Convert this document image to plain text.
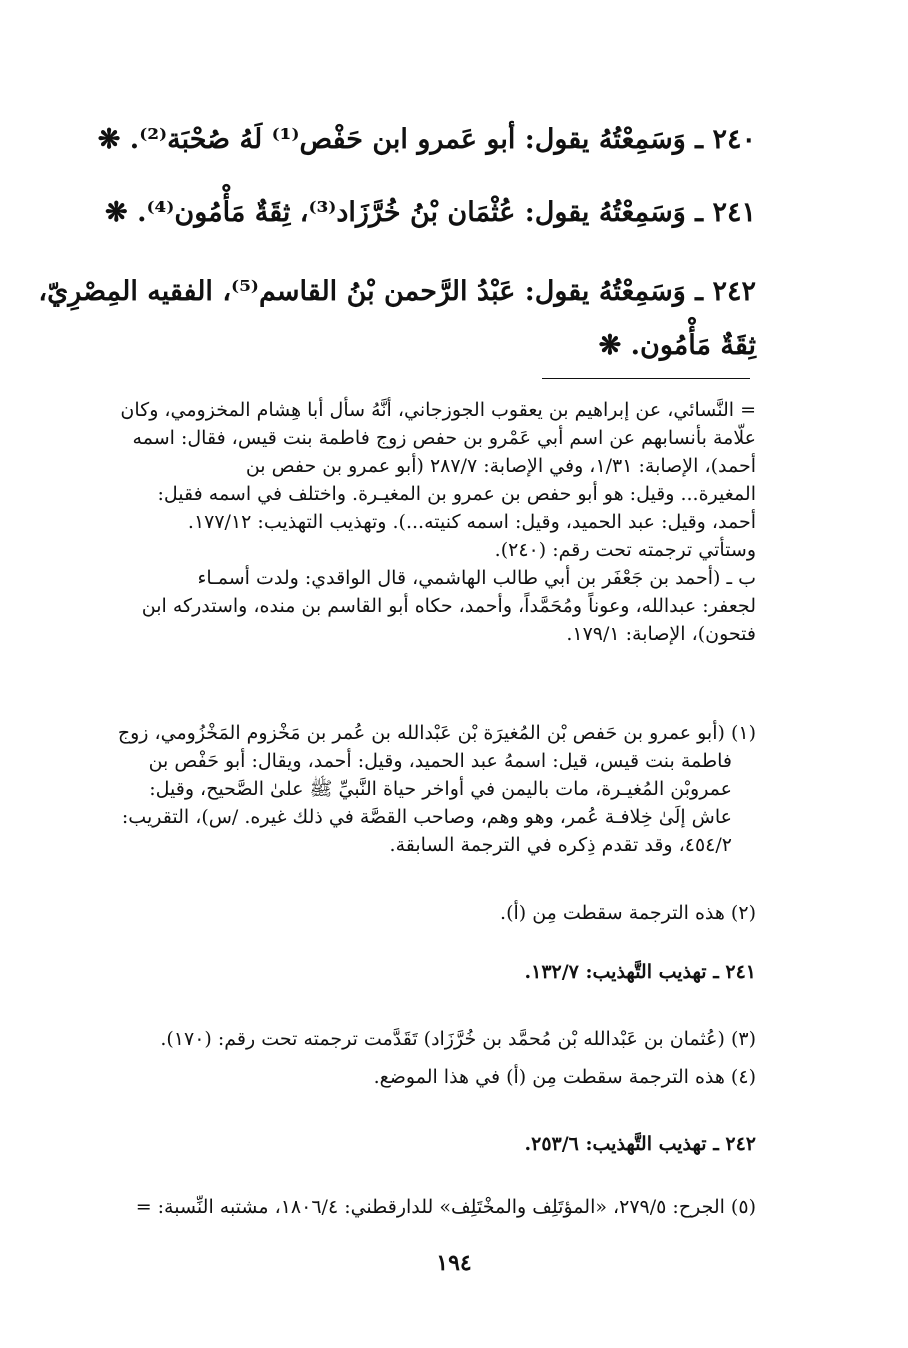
٢٤٠ ـ وَسَمِعْتُهُ يقول: أبو عَمرو ابن حَفْص⁽¹⁾ لَهُ صُحْبَة⁽²⁾. ❋
٢٤١ ـ وَسَمِعْتُهُ يقول: عُثْمَان بْنُ خُرَّزَاد⁽³⁾، ثِقَةٌ مَأْمُون⁽⁴⁾. ❋
٢٤٢ ـ وَسَمِعْتُهُ يقول: عَبْدُ الرَّحمن بْنُ القاسم⁽⁵⁾، الفقيه المِصْرِيّ،
ثِقَةٌ مَأْمُون. ❋

= النَّسائي، عن إبراهيم بن يعقوب الجوزجاني، أنَّهُ سأل أبا هِشام المخزومي، وكان

علّامة بأنسابهم عن اسم أبي عَمْرو بن حفص زوج فاطمة بنت قيس، فقال: اسمه

أحمد)، الإصابة: ١/٣١، وفي الإصابة: ٢٨٧/٧ (أبو عمرو بن حفص بن

المغيرة... وقيل: هو أبو حفص بن عمرو بن المغيـرة. واختلف في اسمه فقيل:

أحمد، وقيل: عبد الحميد، وقيل: اسمه كنيته...). وتهذيب التهذيب: ١٧٧/١٢.

وستأتي ترجمته تحت رقم: (٢٤٠).

ب ـ (أحمد بن جَعْفَر بن أبي طالب الهاشمي، قال الواقدي: ولدت أسمـاء

لجعفر: عبدالله، وعوناً ومُحَمَّداً، وأحمد، حكاه أبو القاسم بن منده، واستدركه ابن

فتحون)، الإصابة: ١٧٩/١.

(١) (أبو عمرو بن حَفص بْن المُغيرَة بْن عَبْدالله بن عُمر بن مَخْزوم المَخْزُومي، زوج

فاطمة بنت قيس، قيل: اسمهُ عبد الحميد، وقيل: أحمد، ويقال: أبو حَفْص بن

عمروبْن المُغيـرة، مات باليمن في أواخر حياة النَّبيِّ ﷺ علىٰ الصَّحيح، وقيل:

عاش إلَىٰ خِلافـة عُمر، وهو وهم، وصاحب القصَّة في ذلك غيره. /س)، التقريب:

٤٥٤/٢، وقد تقدم ذِكره في الترجمة السابقة.

(٢) هذه الترجمة سقطت مِن (أ).

٢٤١ ـ تهذيب التَّهذيب: ١٣٢/٧.

(٣) (عُثمان بن عَبْدالله بْن مُحمَّد بن خُرَّزَاد) تَقَدَّمت ترجمته تحت رقم: (١٧٠).

(٤) هذه الترجمة سقطت مِن (أ) في هذا الموضع.

٢٤٢ ـ تهذيب التَّهذيب: ٢٥٣/٦.

(٥) الجرح: ٢٧٩/٥، «المؤتَلِف والمخْتَلِف» للدارقطني: ١٨٠٦/٤، مشتبه النِّسبة: =

١٩٤
